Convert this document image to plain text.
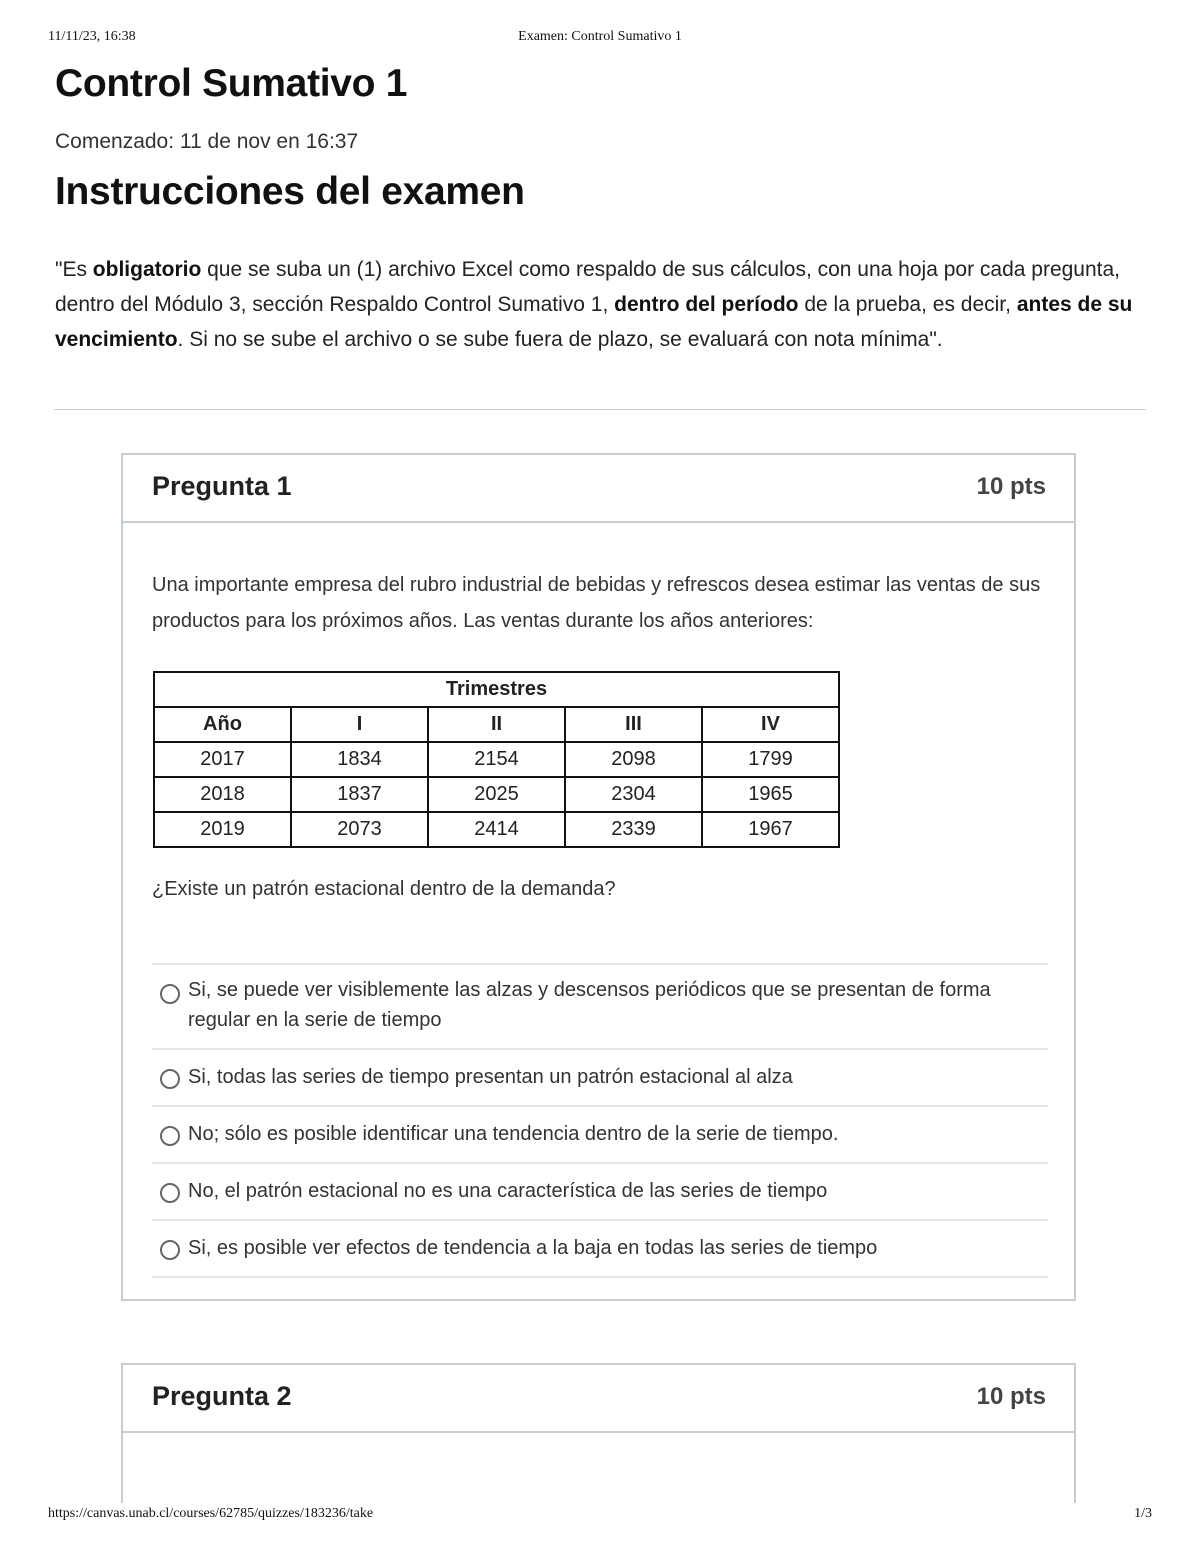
11/11/23, 16:38	Examen: Control Sumativo 1
Control Sumativo 1
Comenzado: 11 de nov en 16:37
Instrucciones del examen

"Es obligatorio que se suba un (1) archivo Excel como respaldo de sus cálculos, con una hoja por cada pregunta, dentro del Módulo 3, sección Respaldo Control Sumativo 1, dentro del período de la prueba, es decir, antes de su vencimiento. Si no se sube el archivo o se sube fuera de plazo, se evaluará con nota mínima".

Pregunta 1	10 pts

Una importante empresa del rubro industrial de bebidas y refrescos desea estimar las ventas de sus productos para los próximos años. Las ventas durante los años anteriores:

Trimestres				
Año	I	II	III	IV
2017	1834	2154	2098	1799
2018	1837	2025	2304	1965
2019	2073	2414	2339	1967
¿Existe un patrón estacional dentro de la demanda?
Si, se puede ver visiblemente las alzas y descensos periódicos que se presentan de forma regular en la serie de tiempo
Si, todas las series de tiempo presentan un patrón estacional al alza
No; sólo es posible identificar una tendencia dentro de la serie de tiempo.
No, el patrón estacional no es una característica de las series de tiempo
Si, es posible ver efectos de tendencia a la baja en todas las series de tiempo
Pregunta 2	10 pts
https://canvas.unab.cl/courses/62785/quizzes/183236/take	1/3
